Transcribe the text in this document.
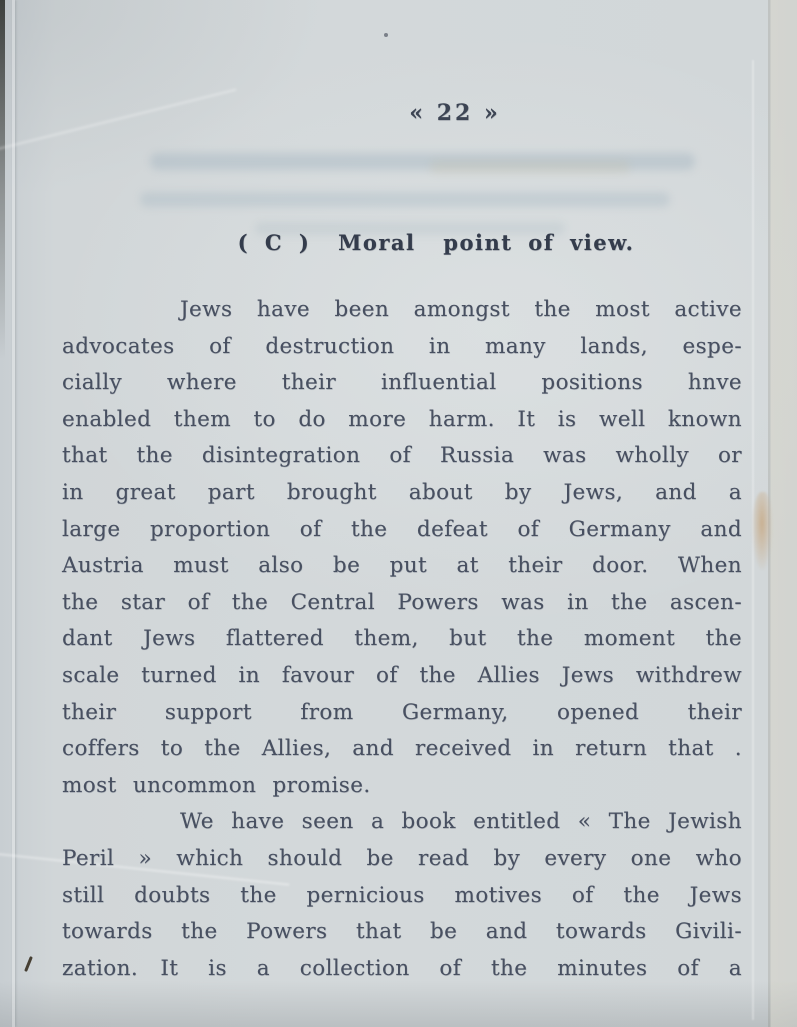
« 22 »
( C )  Moral  point of view.
Jews have been amongst the most active
advocates of destruction in many lands, espe-
cially where their influential positions hnve
enabled them to do more harm. It is well known
that the disintegration of Russia was wholly or
in great part brought about by Jews, and a
large proportion of the defeat of Germany and
Austria must also be put at their door. When
the star of the Central Powers was in the ascen-
dant Jews flattered them, but the moment the
scale turned in favour of the Allies Jews withdrew
their support from Germany, opened their
coffers to the Allies, and received in return that .
most uncommon promise.
We have seen a book entitled « The Jewish
Peril » which should be read by every one who
still doubts the pernicious motives of the Jews
towards the Powers that be and towards Givili-
zation.  It is a collection of the minutes of a
